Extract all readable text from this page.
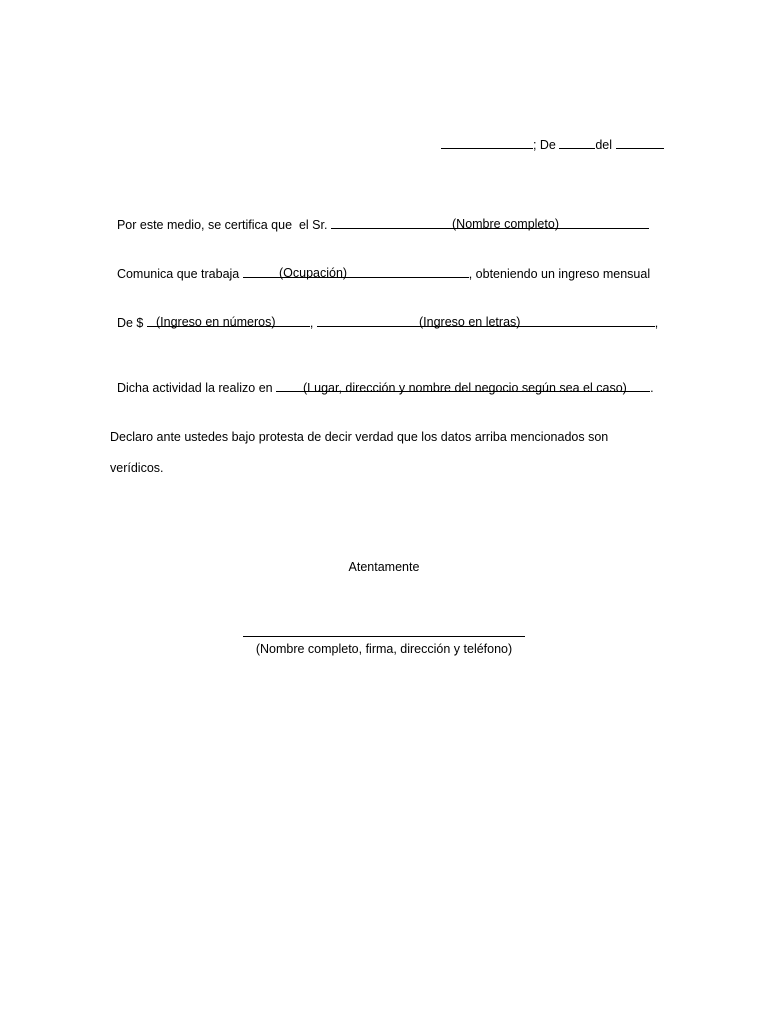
; De	del

Por este medio, se certifica que  el Sr.	(Nombre completo)

Comunica que trabaja	, obteniendo un ingreso mensual

(Ocupación)

De $	,	,

(Ingreso en números)	(Ingreso en letras)

Dicha actividad la realizo en	.

(Lugar, dirección y nombre del negocio según sea el caso)
Declaro ante ustedes bajo protesta de decir verdad que los datos arriba mencionados son
verídicos.
Atentamente
(Nombre completo, firma, dirección y teléfono)
